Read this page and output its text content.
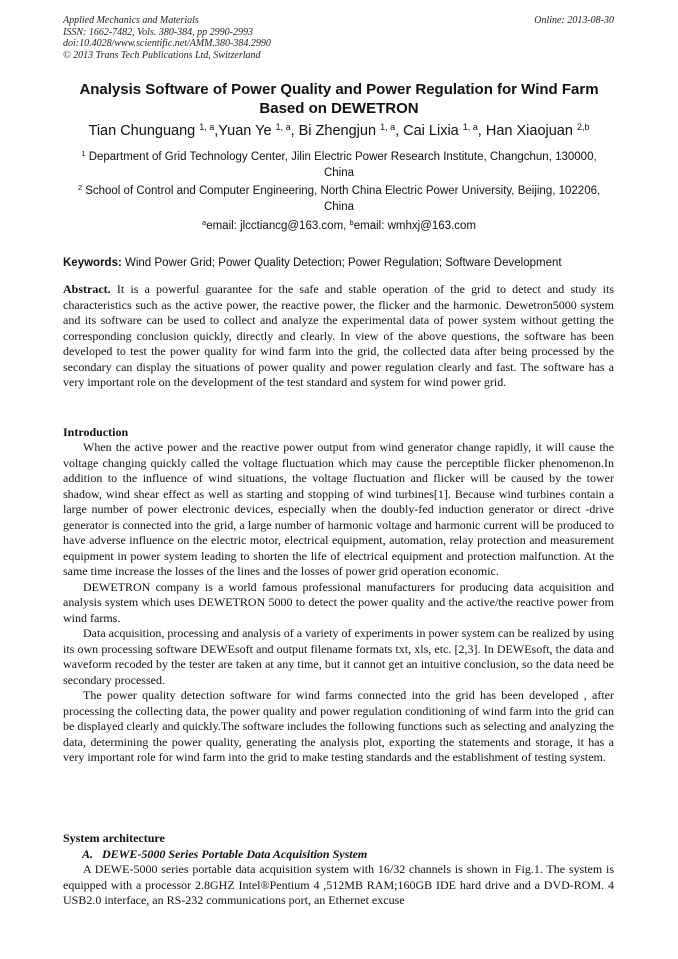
Applied Mechanics and Materials
ISSN: 1662-7482, Vols. 380-384, pp 2990-2993
doi:10.4028/www.scientific.net/AMM.380-384.2990
© 2013 Trans Tech Publications Ltd, Switzerland
Online: 2013-08-30
Analysis Software of Power Quality and Power Regulation for Wind Farm Based on DEWETRON
Tian Chunguang $^{1, a}$,Yuan Ye $^{1, a}$, Bi Zhengjun $^{1, a}$, Cai Lixia $^{1, a}$, Han Xiaojuan $^{2,b}$
$^1$ Department of Grid Technology Center, Jilin Electric Power Research Institute, Changchun, 130000, China
$^2$ School of Control and Computer Engineering, North China Electric Power University, Beijing, 102206, China
$^a$email: jlcctiancg@163.com, $^b$email: wmhxj@163.com
Keywords: Wind Power Grid; Power Quality Detection; Power Regulation; Software Development

Abstract. It is a powerful guarantee for the safe and stable operation of the grid to detect and study its characteristics such as the active power, the reactive power, the flicker and the harmonic. Dewetron5000 system and its software can be used to collect and analyze the experimental data of power system without getting the corresponding conclusion quickly, directly and clearly. In view of the above questions, the software has been developed to test the power quality for wind farm into the grid, the collected data after being processed by the secondary can display the situations of power quality and power regulation clearly and fast. The software has a very important role on the development of the test standard and system for wind power grid.

Introduction

When the active power and the reactive power output from wind generator change rapidly, it will cause the voltage changing quickly called the voltage fluctuation which may cause the perceptible flicker phenomenon.In addition to the influence of wind situations, the voltage fluctuation and flicker will be caused by the tower shadow, wind shear effect as well as starting and stopping of wind turbines[1]. Because wind turbines contain a large number of power electronic devices, especially when the doubly-fed induction generator or direct -drive generator is connected into the grid, a large number of harmonic voltage and harmonic current will be produced to have adverse influence on the electric motor, electrical equipment, automation, relay protection and measurement equipment in power system leading to shorten the life of electrical equipment and protection malfunction. At the same time increase the losses of the lines and the losses of power grid operation economic.

DEWETRON company is a world famous professional manufacturers for producing data acquisition and analysis system which uses DEWETRON 5000 to detect the power quality and the active/the reactive power from wind farms.

Data acquisition, processing and analysis of a variety of experiments in power system can be realized by using its own processing software DEWEsoft and output filename formats txt, xls, etc. [2,3]. In DEWEsoft, the data and waveform recoded by the tester are taken at any time, but it cannot get an intuitive conclusion, so the data need be secondary processed.

The power quality detection software for wind farms connected into the grid has been developed , after processing the collecting data, the power quality and power regulation conditioning of wind farm into the grid can be displayed clearly and quickly.The software includes the following functions such as selecting and analyzing the data, determining the power quality, generating the analysis plot, exporting the statements and storage, it has a very important role for wind farm into the grid to make testing standards and the establishment of testing system.

System architecture
A. DEWE-5000 Series Portable Data Acquisition System

A DEWE-5000 series portable data acquisition system with 16/32 channels is shown in Fig.1. The system is equipped with a processor 2.8GHZ Intel®Pentium 4 ,512MB RAM;160GB IDE hard drive and a DVD-ROM. 4 USB2.0 interface, an RS-232 communications port, an Ethernet excuse
